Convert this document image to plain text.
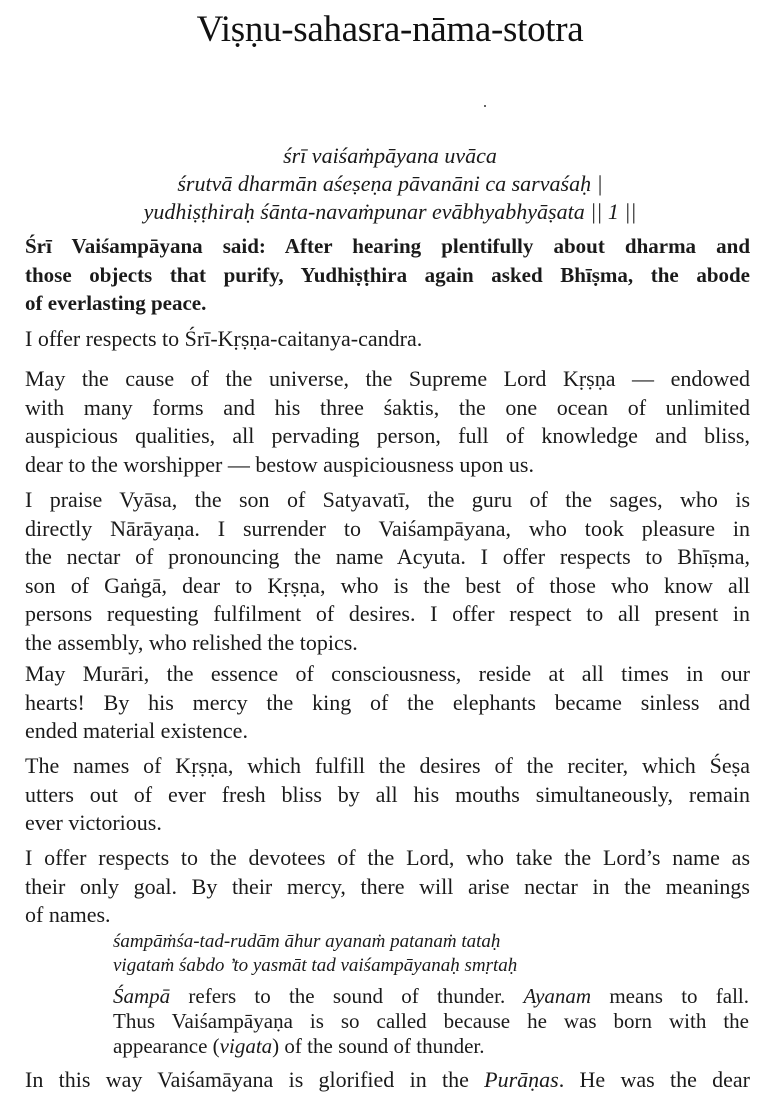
Viṣṇu-sahasra-nāma-stotra
śrī vaiśaṁpāyana uvāca
śrutvā dharmān aśeṣeṇa pāvanāni ca sarvaśaḥ |
yudhiṣṭhiraḥ śānta-navaṁpunar evābhyabhyāṣata || 1 ||
Śrī Vaiśampāyana said: After hearing plentifully about dharma and
those objects that purify, Yudhiṣṭhira again asked Bhīṣma, the abode
of everlasting peace.
I offer respects to Śrī-Kṛṣṇa-caitanya-candra.
May the cause of the universe, the Supreme Lord Kṛṣṇa — endowed
with many forms and his three śaktis, the one ocean of unlimited
auspicious qualities, all pervading person, full of knowledge and bliss,
dear to the worshipper — bestow auspiciousness upon us.
I praise Vyāsa, the son of Satyavatī, the guru of the sages, who is
directly Nārāyaṇa. I surrender to Vaiśampāyana, who took pleasure in
the nectar of pronouncing the name Acyuta. I offer respects to Bhīṣma,
son of Gaṅgā, dear to Kṛṣṇa, who is the best of those who know all
persons requesting fulfilment of desires. I offer respect to all present in
the assembly, who relished the topics.
May Murāri, the essence of consciousness, reside at all times in our
hearts! By his mercy the king of the elephants became sinless and
ended material existence.
The names of Kṛṣṇa, which fulfill the desires of the reciter, which Śeṣa
utters out of ever fresh bliss by all his mouths simultaneously, remain
ever victorious.
I offer respects to the devotees of the Lord, who take the Lord’s name as
their only goal. By their mercy, there will arise nectar in the meanings
of names.
śampāṁśa-tad-rudām āhur ayanaṁ patanaṁ tataḥ
vigataṁ śabdo ’to yasmāt tad vaiśampāyanaḥ smṛtaḥ
Śampā refers to the sound of thunder. Ayanam means to fall.
Thus Vaiśampāyaṇa is so called because he was born with the
appearance (vigata) of the sound of thunder.
In this way Vaiśamāyana is glorified in the Purāṇas. He was the dear
